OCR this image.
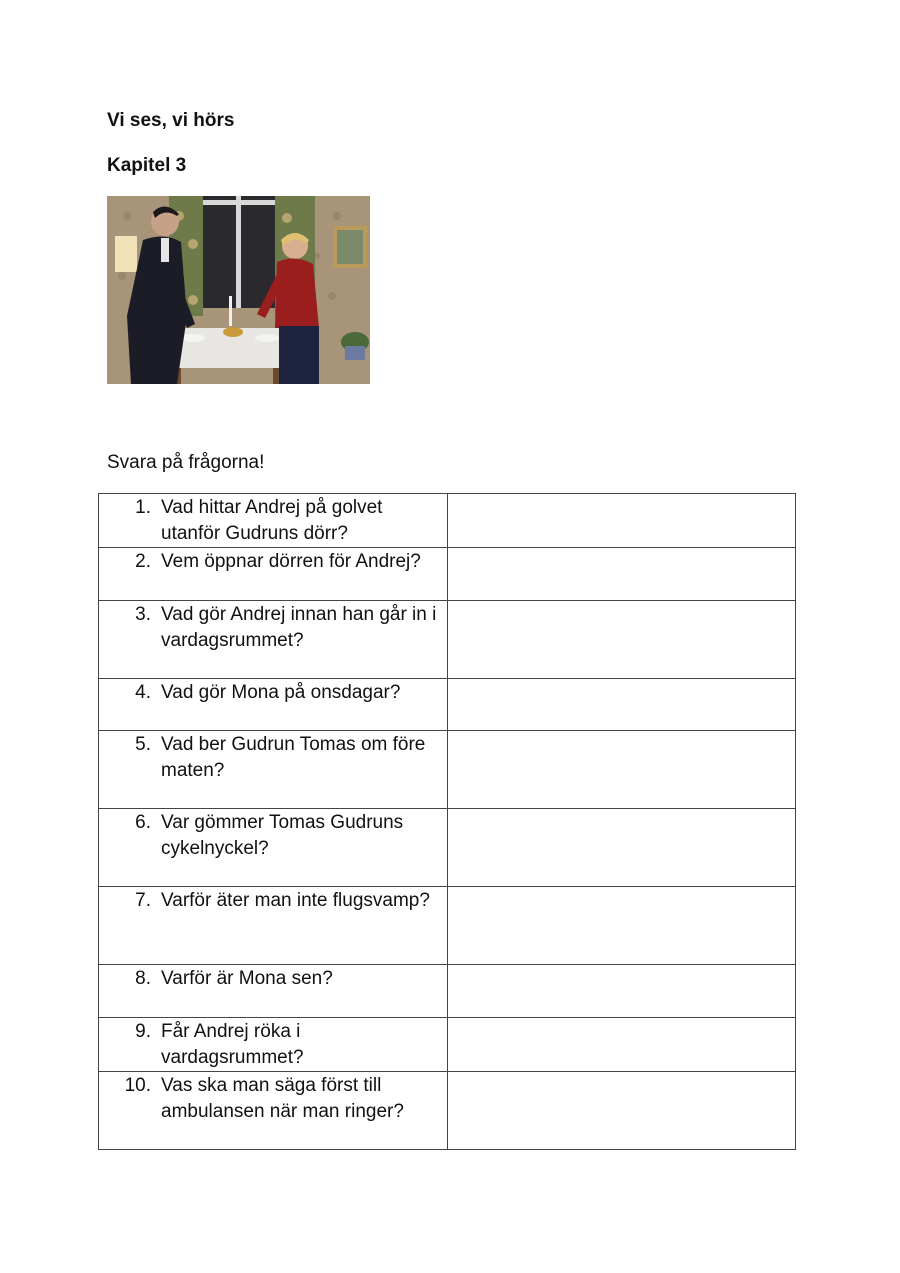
Vi ses, vi hörs
Kapitel 3
Svara på frågorna!
1. Vad hittar Andrej på golvet utanför Gudruns dörr?	

2. Vem öppnar dörren för Andrej?	

3. Vad gör Andrej innan han går in i vardagsrummet?	

4. Vad gör Mona på onsdagar?	

5. Vad ber Gudrun Tomas om före maten?	

6. Var gömmer Tomas Gudruns cykelnyckel?	

7. Varför äter man inte flugsvamp?	

8. Varför är Mona sen?	

9. Får Andrej röka i vardagsrummet?	

10. Vas ska man säga först till ambulansen när man ringer?	
